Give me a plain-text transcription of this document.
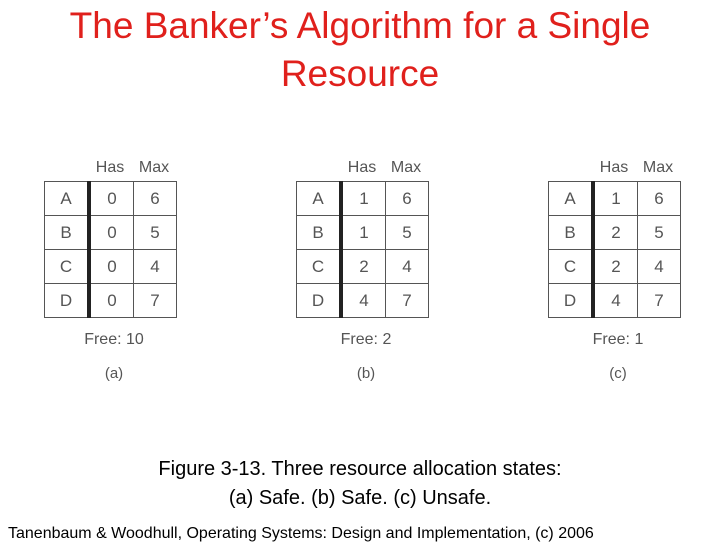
The Banker’s Algorithm for a Single
Resource
Has Max
A	0	6
B	0	5
C	0	4
D	0	7
Free: 10
(a)
Has Max
A	1	6
B	1	5
C	2	4
D	4	7
Free: 2
(b)
Has Max
A	1	6
B	2	5
C	2	4
D	4	7
Free: 1
(c)
Figure 3-13. Three resource allocation states:
(a) Safe. (b) Safe. (c) Unsafe.
Tanenbaum & Woodhull, Operating Systems: Design and Implementation, (c) 2006
